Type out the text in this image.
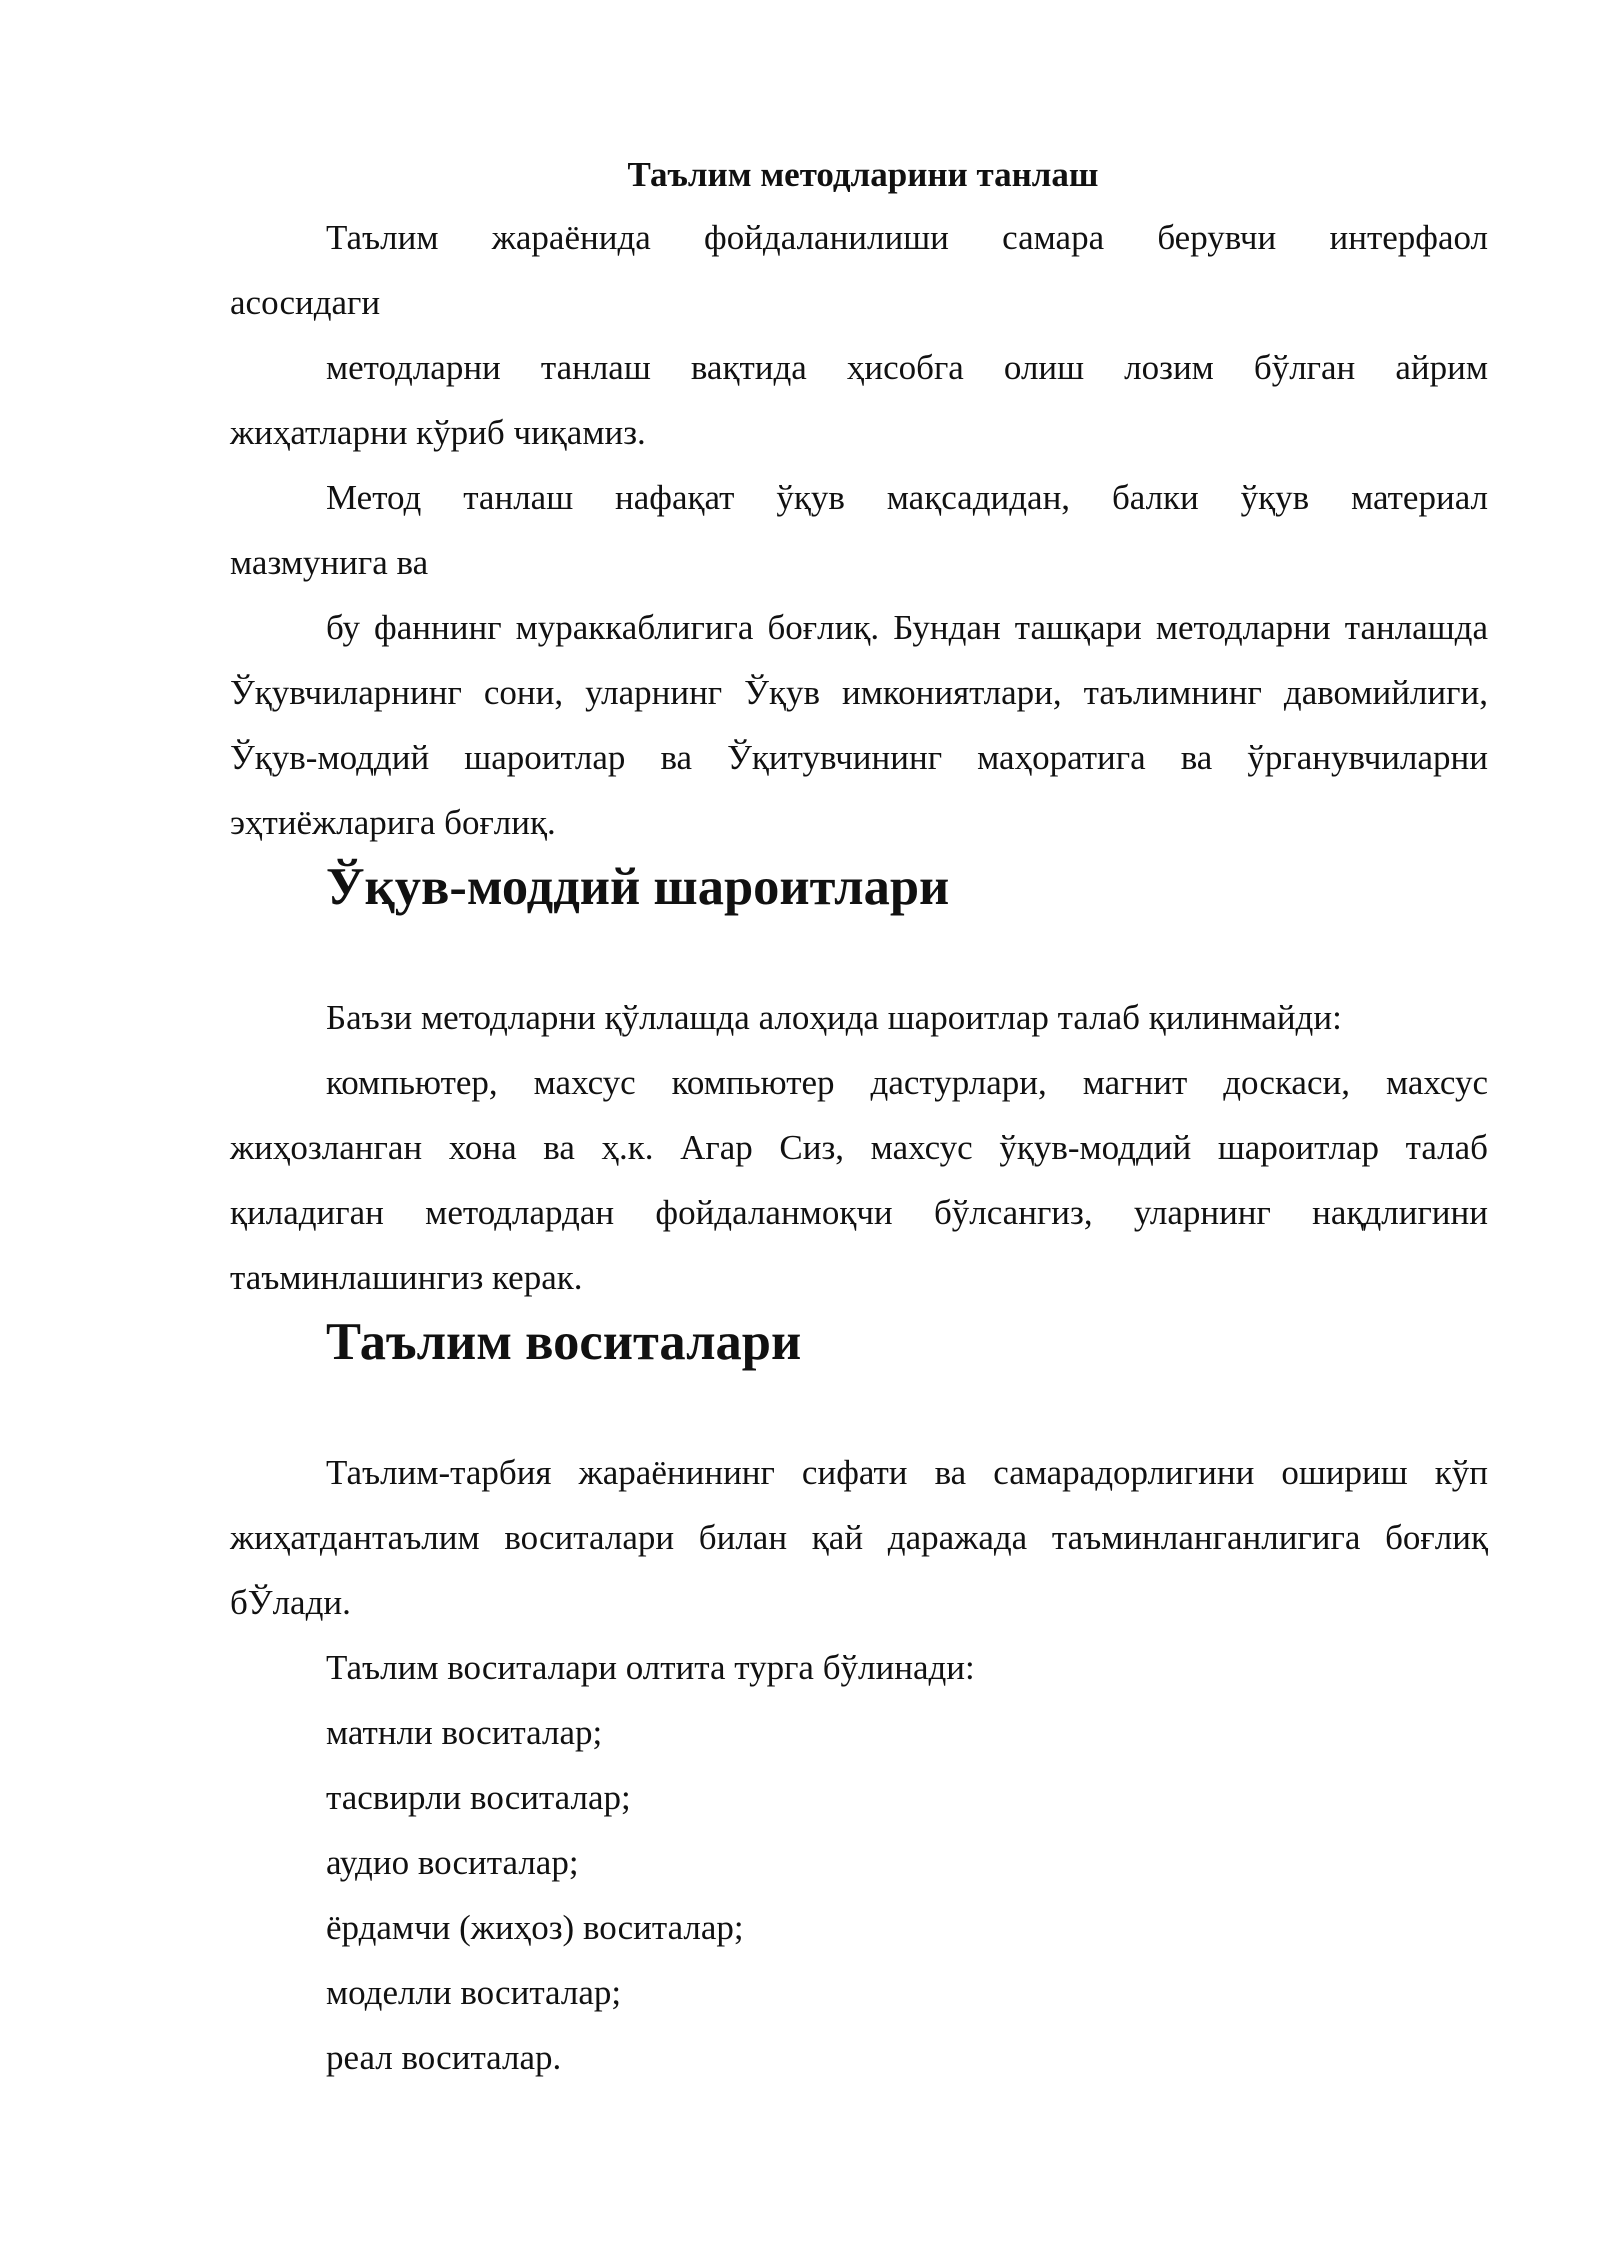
Таълим методларини танлаш

Таълим жараёнида фойдаланилиши самара берувчи интерфаол

асосидаги

методларни танлаш вақтида ҳисобга олиш лозим бўлган айрим

жиҳатларни кўриб чиқамиз.

Метод танлаш нафақат ўқув мақсадидан, балки ўқув материал

мазмунига ва

бу фаннинг мураккаблигига боғлиқ. Бундан ташқари методларни танлашда Ўқувчиларнинг сони, уларнинг Ўқув имкониятлари, таълимнинг давомийлиги, Ўқув-моддий шароитлар ва Ўқитувчининг маҳоратига ва ўрганувчиларни эҳтиёжларига боғлиқ.

Ўқув-моддий шароитлари

Баъзи методларни қўллашда алоҳида шароитлар талаб қилинмайди:

компьютер, махсус компьютер дастурлари, магнит доскаси, махсус жиҳозланган хона ва ҳ.к. Агар Сиз, махсус ўқув-моддий шароитлар талаб қиладиган методлардан фойдаланмоқчи бўлсангиз, уларнинг нақдлигини таъминлашингиз керак.

Таълим воситалари

Таълим-тарбия жараёнининг сифати ва самарадорлигини ошириш кўп жиҳатдантаълим воситалари билан қай даражада таъминланганлигига боғлиқ бЎлади.

Таълим воситалари олтита турга бўлинади:

матнли воситалар;
тасвирли воситалар;
аудио воситалар;
ёрдамчи (жиҳоз) воситалар;
моделли воситалар;
реал воситалар.
